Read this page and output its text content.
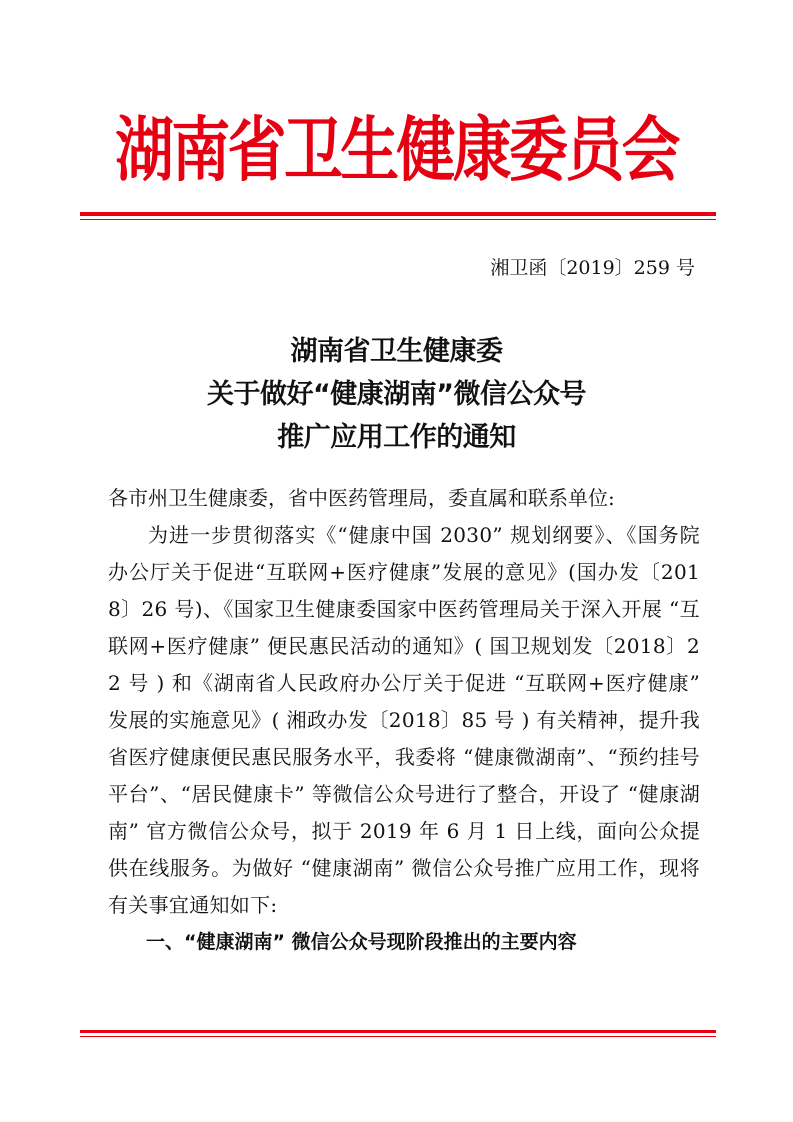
湖南省卫生健康委员会
湘卫函〔2019〕259 号
湖南省卫生健康委
关于做好“健康湖南”微信公众号
推广应用工作的通知

各市州卫生健康委，省中医药管理局，委直属和联系单位:

为进一步贯彻落实《“健康中国 2030” 规划纲要》、《国务院办公厅关于促进“互联网+医疗健康”发展的意见》(国办发〔2018〕26 号)、《国家卫生健康委国家中医药管理局关于深入开展 “互联网+医疗健康” 便民惠民活动的通知》( 国卫规划发〔2018〕22 号 ) 和《湖南省人民政府办公厅关于促进 “互联网+医疗健康” 发展的实施意见》( 湘政办发〔2018〕85 号 ) 有关精神，提升我省医疗健康便民惠民服务水平，我委将 “健康微湖南”、“预约挂号平台”、“居民健康卡” 等微信公众号进行了整合，开设了 “健康湖南” 官方微信公众号，拟于 2019 年 6 月 1 日上线，面向公众提供在线服务。为做好 “健康湖南” 微信公众号推广应用工作，现将有关事宜通知如下:

一、“健康湖南” 微信公众号现阶段推出的主要内容
